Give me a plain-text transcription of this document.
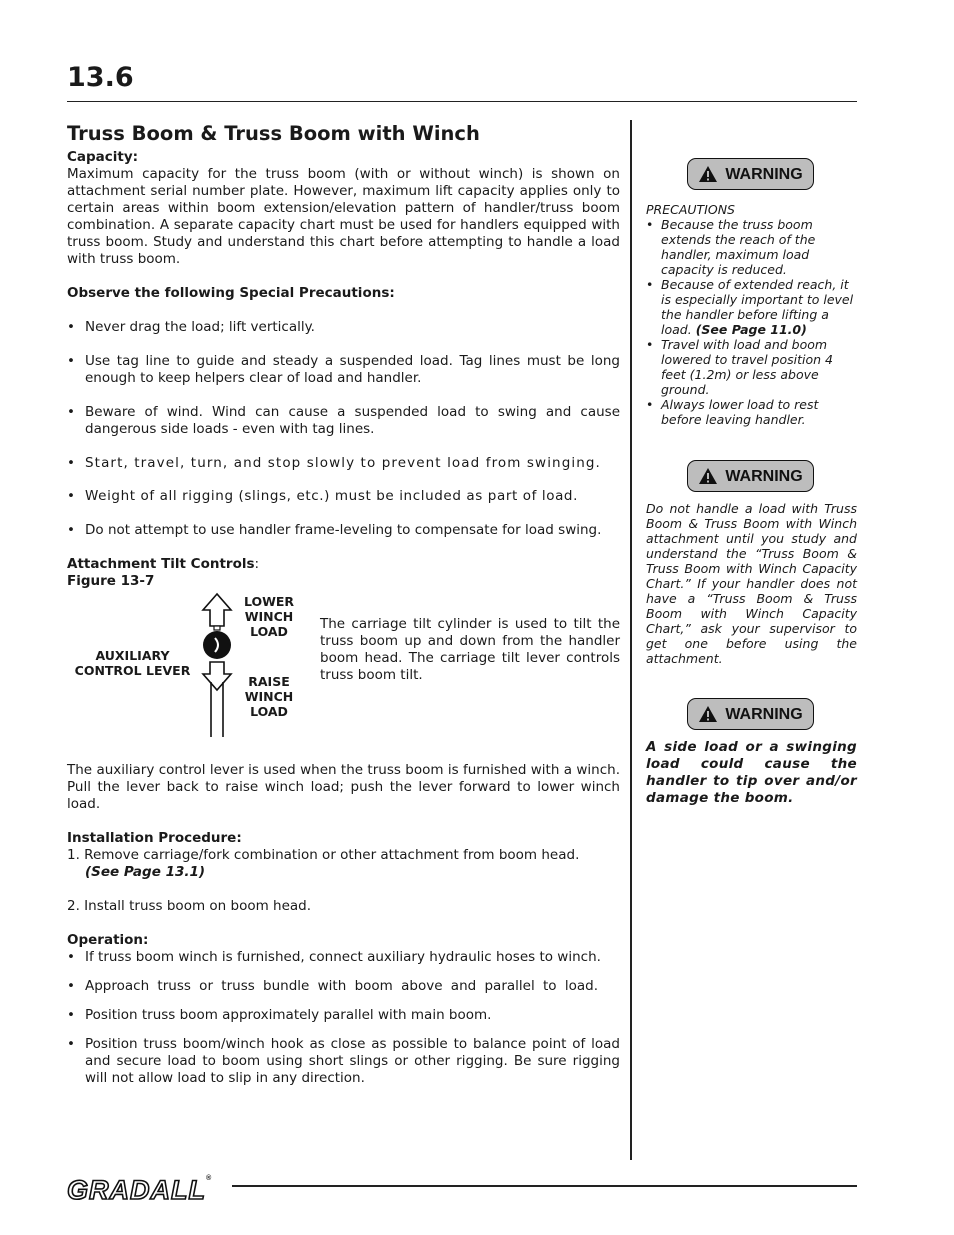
13.6
Truss Boom & Truss Boom with Winch
Capacity:

Maximum capacity for the truss boom (with or without winch) is shown on attachment serial number plate. However, maximum lift capacity applies only to certain areas within boom extension/elevation pattern of handler/truss boom combination. A separate capacity chart must be used for handlers equipped with truss boom. Study and understand this chart before attempting to handle a load with truss boom.

Observe the following Special Precautions:
• Never drag the load; lift vertically.
• Use tag line to guide and steady a suspended load. Tag lines must be long enough to keep helpers clear of load and handler.
• Beware of wind. Wind can cause a suspended load to swing and cause dangerous side loads - even with tag lines.
• Start, travel, turn, and stop slowly to prevent load from swinging.
• Weight of all rigging (slings, etc.) must be included as part of load.
• Do not attempt to use handler frame-leveling to compensate for load swing.
Attachment Tilt Controls:
Figure 13-7
LOWER WINCH LOAD
AUXILIARY CONTROL LEVER
RAISE WINCH LOAD
The carriage tilt cylinder is used to tilt the truss boom up and down from the handler boom head. The carriage tilt lever controls truss boom tilt.

The auxiliary control lever is used when the truss boom is furnished with a winch. Pull the lever back to raise winch load; push the lever forward to lower winch load.

Installation Procedure:
1. Remove carriage/fork combination or other attachment from boom head.

(See Page 13.1)
2. Install truss boom on boom head.
Operation:
• If truss boom winch is furnished, connect auxiliary hydraulic hoses to winch.
• Approach truss or truss bundle with boom above and parallel to load.
• Position truss boom approximately parallel with main boom.
• Position truss boom/winch hook as close as possible to balance point of load and secure load to boom using short slings or other rigging. Be sure rigging will not allow load to slip in any direction.
WARNING
PRECAUTIONS
• Because the truss boom extends the reach of the handler, maximum load capacity is reduced.
• Because of extended reach, it is especially important to level the handler before lifting a load. (See Page 11.0)
• Travel with load and boom lowered to travel position 4 feet (1.2m) or less above ground.
• Always lower load to rest before leaving handler.
WARNING
Do not handle a load with Truss Boom & Truss Boom with Winch attachment until you study and understand the “Truss Boom & Truss Boom with Winch Capacity Chart.” If your handler does not have a “Truss Boom & Truss Boom with Winch Capacity Chart,” ask your supervisor to get one before using the attachment.
WARNING
A side load or a swinging load could cause the handler to tip over and/or damage the boom.
GRADALL®
